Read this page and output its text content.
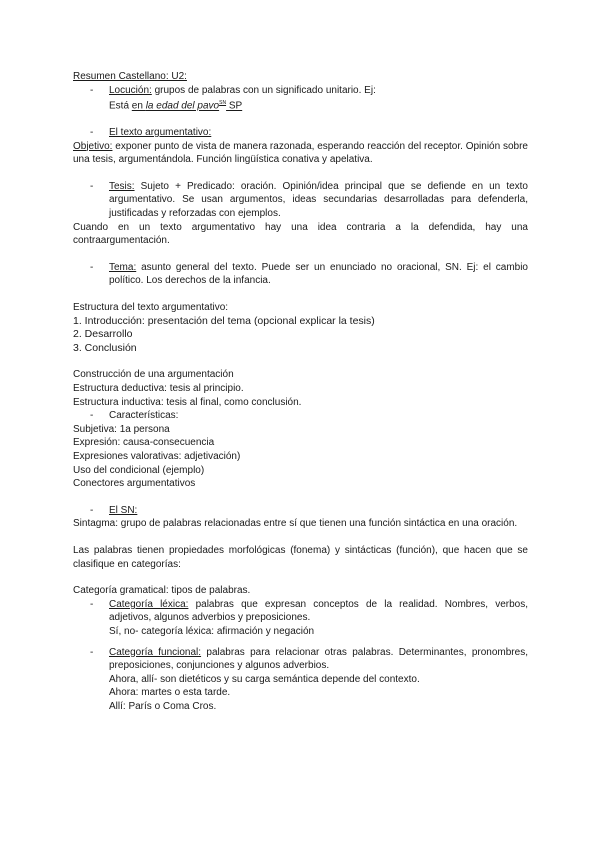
Resumen Castellano: U2:

-	Locución: grupos de palabras con un significado unitario. Ej:
Está en la edad del pavo$^{SN}$ SP
-	El texto argumentativo:

Objetivo: exponer punto de vista de manera razonada, esperando reacción del receptor. Opinión sobre una tesis, argumentándola. Función lingüística conativa y apelativa.

-	Tesis: Sujeto + Predicado: oración. Opinión/idea principal que se defiende en un texto argumentativo. Se usan argumentos, ideas secundarias desarrolladas para defenderla, justificadas y reforzadas con ejemplos.

Cuando en un texto argumentativo hay una idea contraria a la defendida, hay una contraargumentación.

-	Tema: asunto general del texto. Puede ser un enunciado no oracional, SN. Ej: el cambio político. Los derechos de la infancia.

Estructura del texto argumentativo:

1. Introducción: presentación del tema (opcional explicar la tesis)

2. Desarrollo

3. Conclusión

Construcción de una argumentación

Estructura deductiva: tesis al principio.

Estructura inductiva: tesis al final, como conclusión.

-	Características:

Subjetiva: 1a persona

Expresión: causa-consecuencia

Expresiones valorativas: adjetivación)

Uso del condicional (ejemplo)

Conectores argumentativos

-	El SN:

Sintagma: grupo de palabras relacionadas entre sí que tienen una función sintáctica en una oración.

Las palabras tienen propiedades morfológicas (fonema) y sintácticas (función), que hacen que se clasifique en categorías:

Categoría gramatical: tipos de palabras.

-	Categoría léxica: palabras que expresan conceptos de la realidad. Nombres, verbos, adjetivos, algunos adverbios y preposiciones.
Sí, no- categoría léxica: afirmación y negación
-	Categoría funcional: palabras para relacionar otras palabras. Determinantes, pronombres, preposiciones, conjunciones y algunos adverbios.
Ahora, allí- son dietéticos y su carga semántica depende del contexto.
Ahora: martes o esta tarde.
Allí: París o Coma Cros.
